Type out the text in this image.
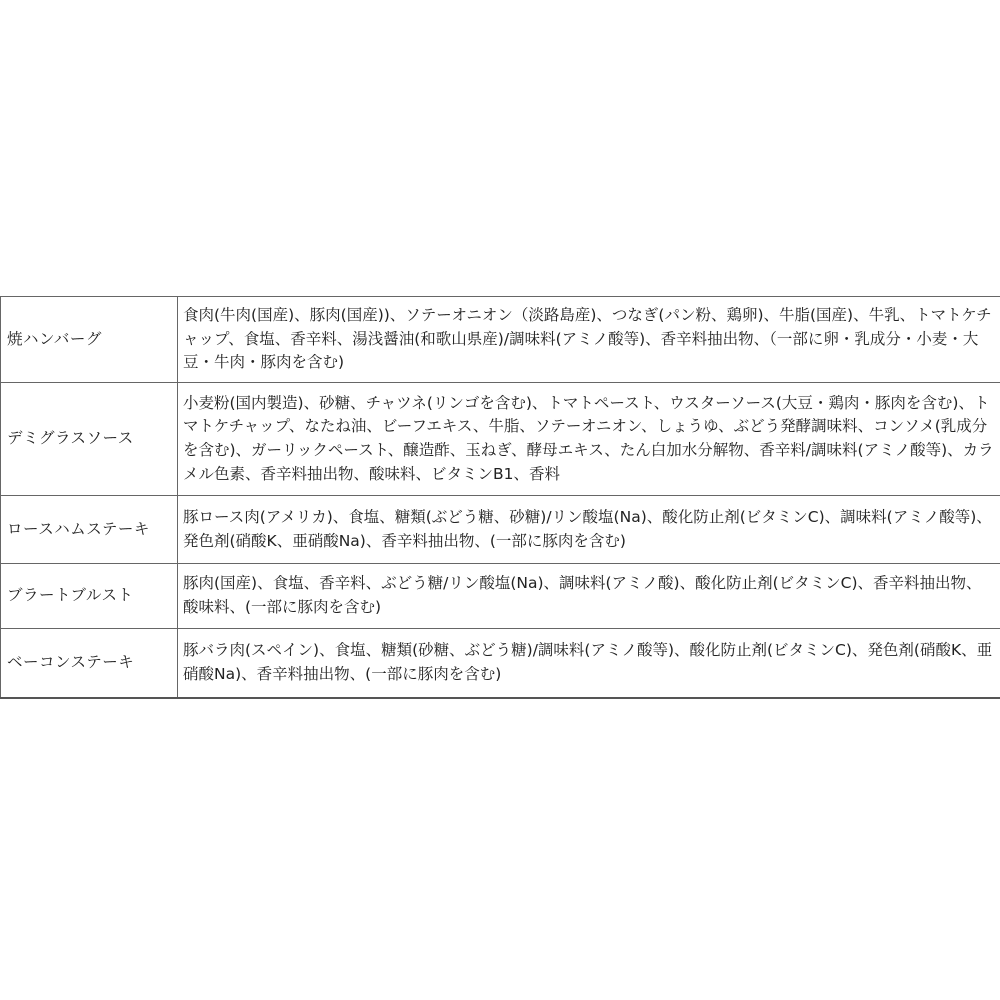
焼ハンバーグ	食肉(牛肉(国産)、豚肉(国産))、ソテーオニオン（淡路島産)、つなぎ(パン粉、鶏卵)、牛脂(国産)、牛乳、トマトケチャップ、食塩、香辛料、湯浅醤油(和歌山県産)/調味料(アミノ酸等)、香辛料抽出物、（一部に卵・乳成分・小麦・大豆・牛肉・豚肉を含む)
デミグラスソース	小麦粉(国内製造)、砂糖、チャツネ(リンゴを含む)、トマトペースト、ウスターソース(大豆・鶏肉・豚肉を含む)、トマトケチャップ、なたね油、ビーフエキス、牛脂、ソテーオニオン、しょうゆ、ぶどう発酵調味料、コンソメ(乳成分を含む)、ガーリックペースト、醸造酢、玉ねぎ、酵母エキス、たん白加水分解物、香辛料/調味料(アミノ酸等)、カラメル色素、香辛料抽出物、酸味料、ビタミンB1、香料
ロースハムステーキ	豚ロース肉(アメリカ)、食塩、糖類(ぶどう糖、砂糖)/リン酸塩(Na)、酸化防止剤(ビタミンC)、調味料(アミノ酸等)、発色剤(硝酸K、亜硝酸Na)、香辛料抽出物、(一部に豚肉を含む)
ブラートブルスト	豚肉(国産)、食塩、香辛料、ぶどう糖/リン酸塩(Na)、調味料(アミノ酸)、酸化防止剤(ビタミンC)、香辛料抽出物、酸味料、(一部に豚肉を含む)
ベーコンステーキ	豚バラ肉(スペイン)、食塩、糖類(砂糖、ぶどう糖)/調味料(アミノ酸等)、酸化防止剤(ビタミンC)、発色剤(硝酸K、亜硝酸Na)、香辛料抽出物、(一部に豚肉を含む)
